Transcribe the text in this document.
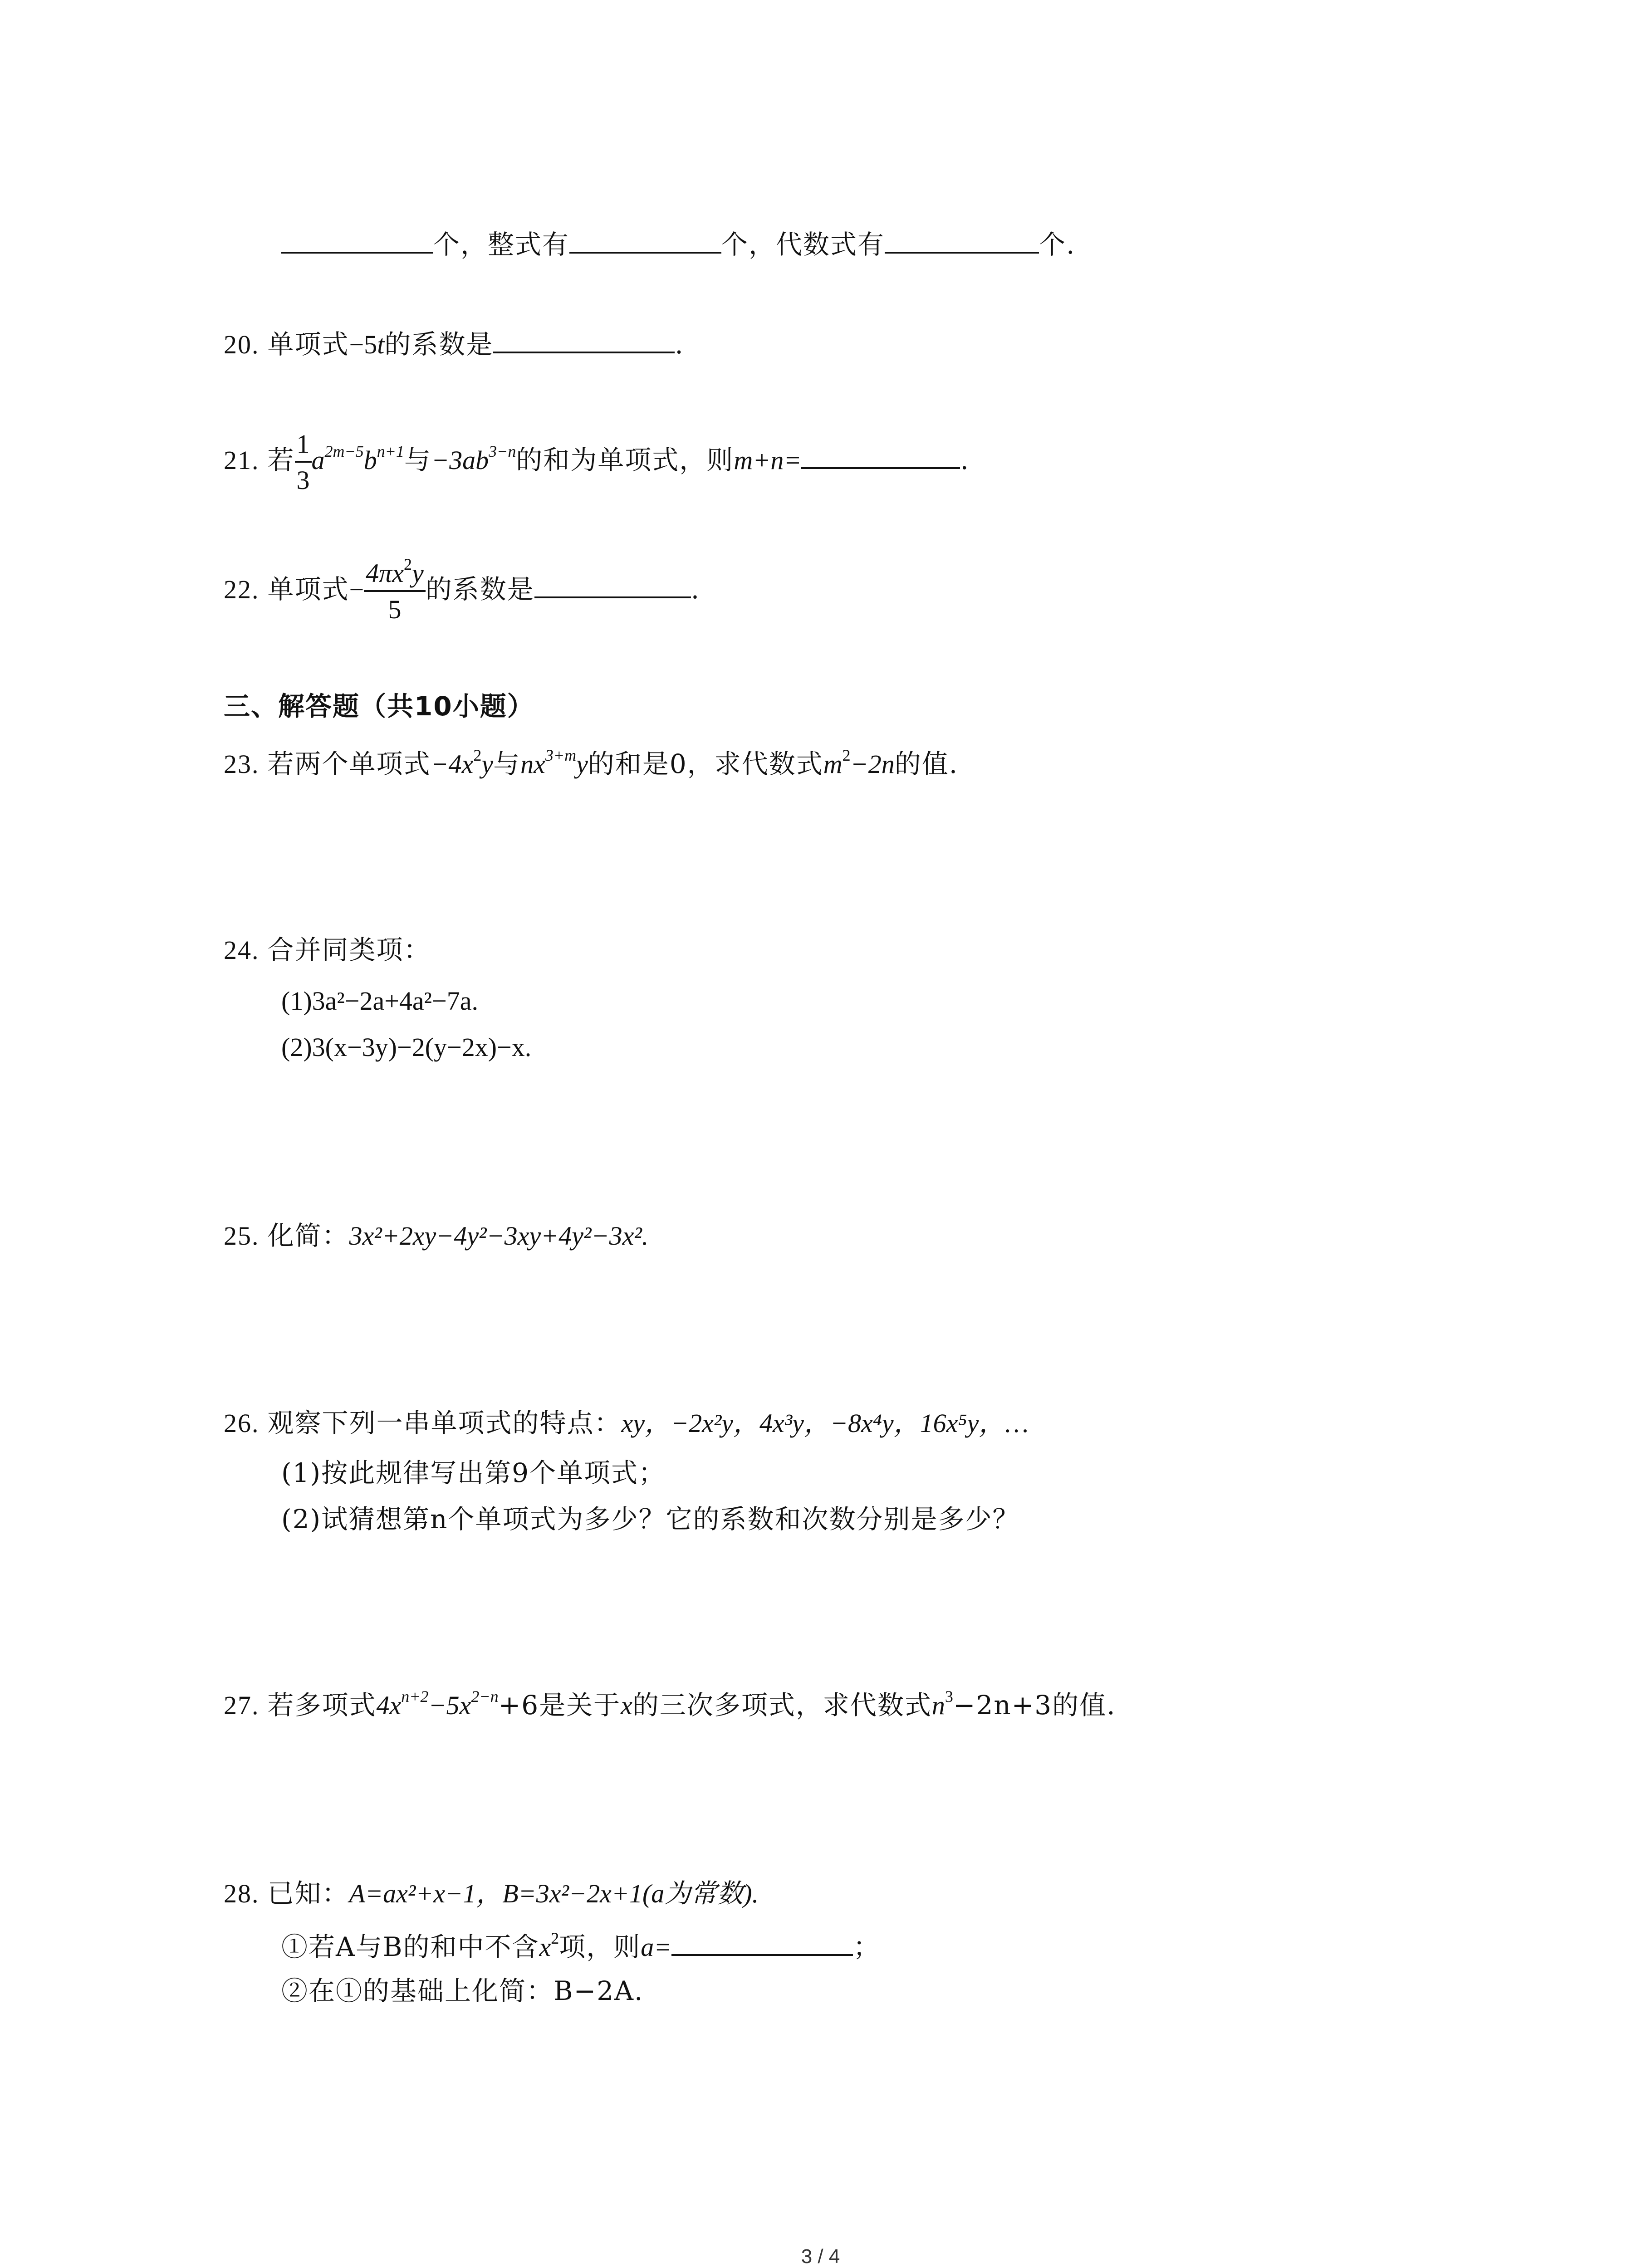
个，整式有	个，代数式有	个.
20. 单项式−5t的系数是	.
21. 若 $\frac{1}{3} a^{2m-5}b^{n+1}$与$-3ab^{3-n}$的和为单项式，则m+n=	.
22. 单项式− $\frac{4\pi x^2y}{5}$ 的系数是	.
三、解答题（共10小题）
23. 若两个单项式$-4x^2y$与$nx^{3+m}y$的和是0，求代数式$m^2-2n$的值.
24. 合并同类项：
(1)3a²−2a+4a²−7a.
(2)3(x−3y)−2(y−2x)−x.
25. 化简：3x²+2xy−4y²−3xy+4y²−3x².
26. 观察下列一串单项式的特点：xy，−2x²y，4x³y，−8x⁴y，16x⁵y，…
(1)按此规律写出第9个单项式；
(2)试猜想第n个单项式为多少？它的系数和次数分别是多少？
27. 若多项式$4x^{n+2}-5x^{2-n}+6$是关于x的三次多项式，求代数式$n^3-2n+3$的值.
28. 已知：A=ax²+x−1，B=3x²−2x+1(a为常数).
①若A与B的和中不含$x^2$项，则a=	；
②在①的基础上化简：B−2A.
3 / 4
